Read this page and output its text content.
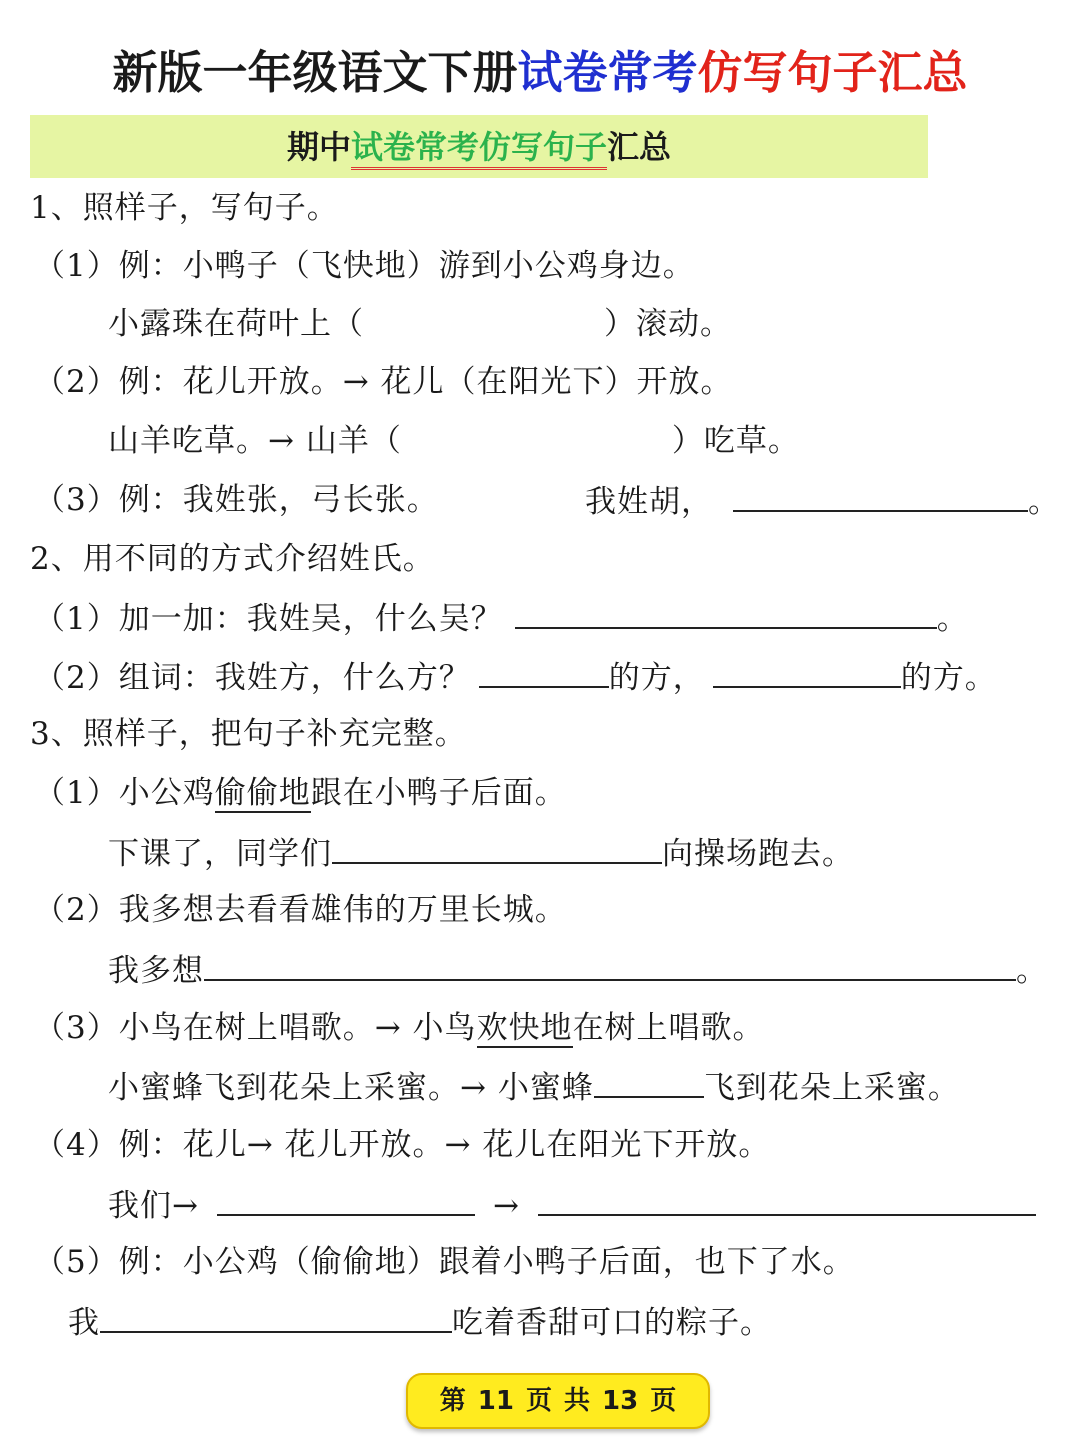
新版一年级语文下册试卷常考仿写句子汇总
期中试卷常考仿写句子汇总
1、照样子，写句子。
（1）例：小鸭子（飞快地）游到小公鸡身边。
小露珠在荷叶上（	）滚动。
（2）例：花儿开放。→ 花儿（在阳光下）开放。
山羊吃草。→ 山羊（	）吃草。
（3）例：我姓张，弓长张。	我姓胡，	。
2、用不同的方式介绍姓氏。
（1）加一加：我姓吴，什么吴？	。
（2）组词：我姓方，什么方？	的方，	的方。
3、照样子，把句子补充完整。
（1）小公鸡偷偷地跟在小鸭子后面。
下课了，同学们	向操场跑去。
（2）我多想去看看雄伟的万里长城。
我多想	。
（3）小鸟在树上唱歌。→ 小鸟欢快地在树上唱歌。
小蜜蜂飞到花朵上采蜜。→ 小蜜蜂	飞到花朵上采蜜。
（4）例：花儿→ 花儿开放。→ 花儿在阳光下开放。
我们→	→
（5）例：小公鸡（偷偷地）跟着小鸭子后面，也下了水。
我	吃着香甜可口的粽子。
第 11 页 共 13 页
